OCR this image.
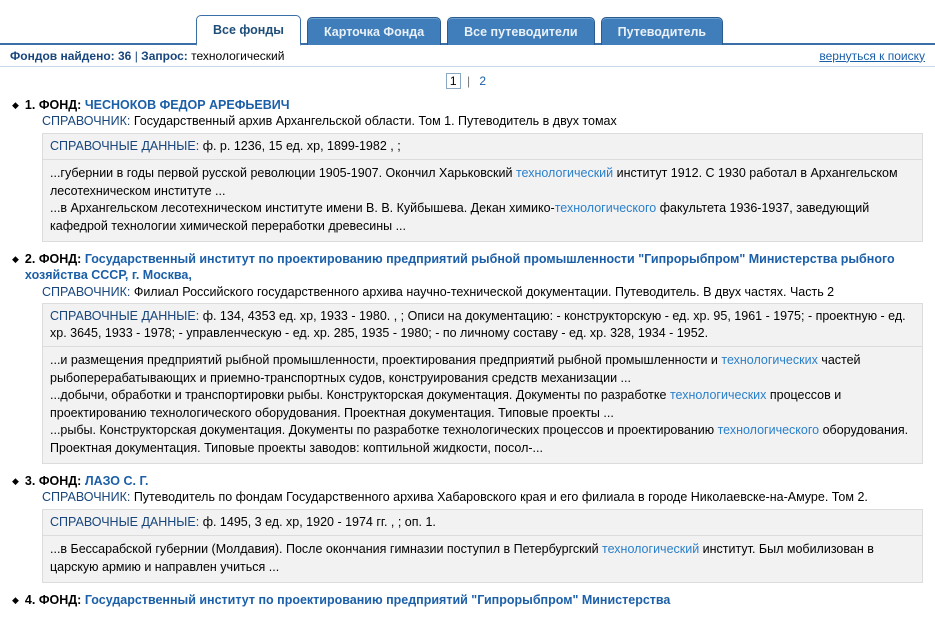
Все фонды	Карточка Фонда	Все путеводители	Путеводитель
Фондов найдено: 36 | Запрос: технологический	вернуться к поиску
1 | 2
◆ 1. ФОНД: ЧЕСНОКОВ ФЕДОР АРЕФЬЕВИЧ
СПРАВОЧНИК: Государственный архив Архангельской области. Том 1. Путеводитель в двух томах
СПРАВОЧНЫЕ ДАННЫЕ: ф. р. 1236, 15 ед. хр, 1899-1982 , ;

...губернии в годы первой русской революции 1905-1907. Окончил Харьковский технологический институт 1912. С 1930 работал в Архангельском лесотехническом институте ...

...в Архангельском лесотехническом институте имени В. В. Куйбышева. Декан химико-технологического факультета 1936-1937, заведующий кафедрой технологии химической переработки древесины ...

◆ 2. ФОНД: Государственный институт по проектированию предприятий рыбной промышленности "Гипрорыбпром" Министерства рыбного хозяйства СССР, г. Москва,
СПРАВОЧНИК: Филиал Российского государственного архива научно-технической документации. Путеводитель. В двух частях. Часть 2
СПРАВОЧНЫЕ ДАННЫЕ: ф. 134, 4353 ед. хр, 1933 - 1980. , ; Описи на документацию: - конструкторскую - ед. хр. 95, 1961 - 1975; - проектную - ед. хр. 3645, 1933 - 1978; - управленческую - ед. хр. 285, 1935 - 1980; - по личному составу - ед. хр. 328, 1934 - 1952.

...и размещения предприятий рыбной промышленности, проектирования предприятий рыбной промышленности и технологических частей рыбоперерабатывающих и приемно-транспортных судов, конструирования средств механизации ...

...добычи, обработки и транспортировки рыбы. Конструкторская документация. Документы по разработке технологических процессов и проектированию технологического оборудования. Проектная документация. Типовые проекты ...

...рыбы. Конструкторская документация. Документы по разработке технологических процессов и проектированию технологического оборудования. Проектная документация. Типовые проекты заводов: коптильной жидкости, посол-...

◆ 3. ФОНД: ЛАЗО С. Г.
СПРАВОЧНИК: Путеводитель по фондам Государственного архива Хабаровского края и его филиала в городе Николаевске-на-Амуре. Том 2.
СПРАВОЧНЫЕ ДАННЫЕ: ф. 1495, 3 ед. хр, 1920 - 1974 гг. , ; оп. 1.

...в Бессарабской губернии (Молдавия). После окончания гимназии поступил в Петербургский технологический институт. Был мобилизован в царскую армию и направлен учиться ...

◆ 4. ФОНД: Государственный институт по проектированию предприятий "Гипрорыбпром" Министерства
